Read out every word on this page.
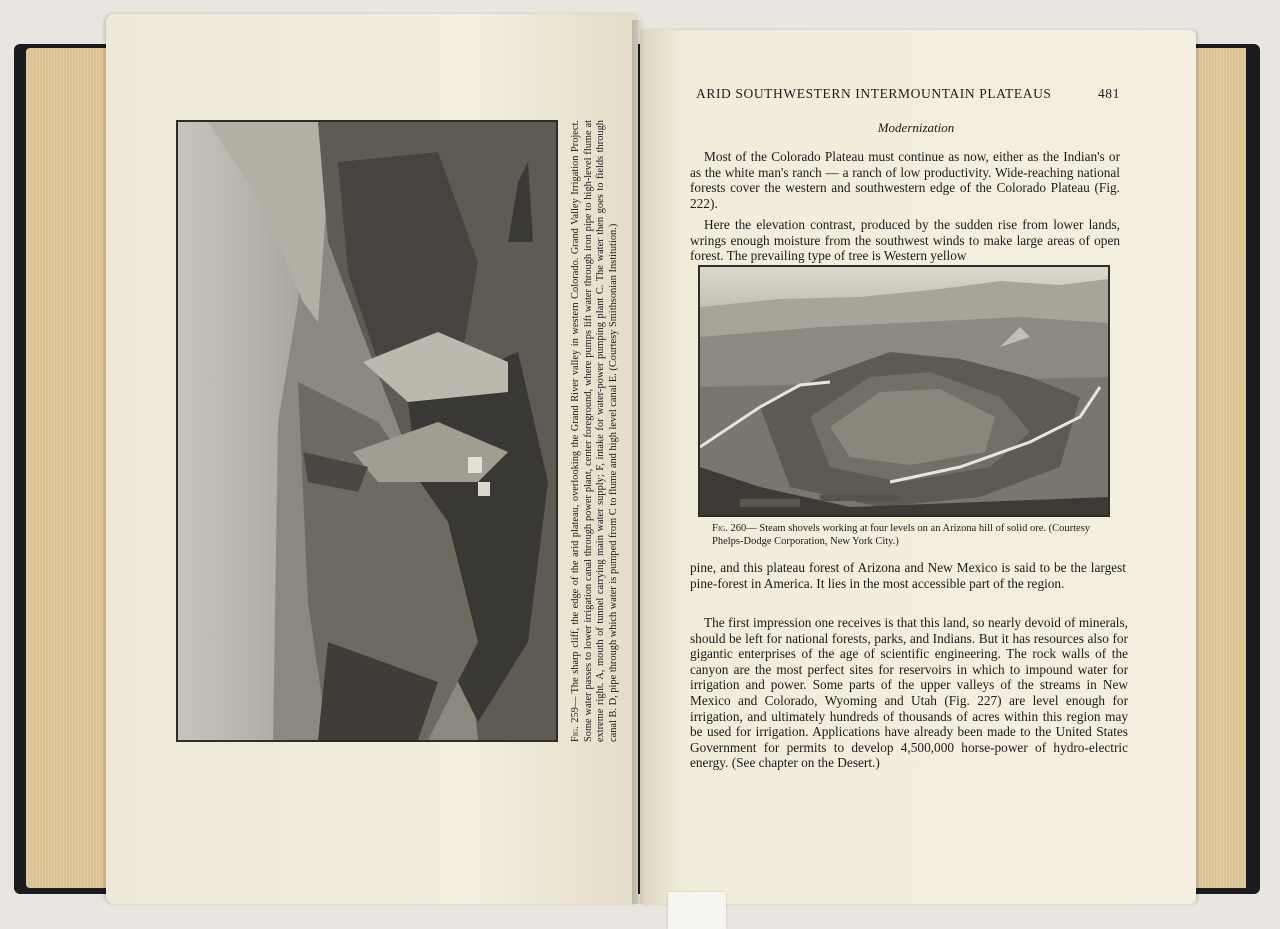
Fig. 259— The sharp cliff, the edge of the arid plateau, overlooking the Grand River valley in western Colorado. Grand Valley Irrigation Project. Some water passes to lower irrigation canal through power plant, center foreground, where pumps lift water through iron pipe to high-level flume at extreme right. A, mouth of tunnel carrying main water supply; F, intake for water-power pumping plant C. The water then goes to fields through canal B. D, pipe through which water is pumped from C to flume and high level canal E. (Courtesy Smithsonian Institution.)
ARID SOUTHWESTERN INTERMOUNTAIN PLATEAUS	481
Modernization

Most of the Colorado Plateau must continue as now, either as the Indian's or as the white man's ranch — a ranch of low productivity. Wide-reaching national forests cover the western and southwestern edge of the Colorado Plateau (Fig. 222).

Here the elevation contrast, produced by the sudden rise from lower lands, wrings enough moisture from the southwest winds to make large areas of open forest. The prevailing type of tree is Western yellow

Fig. 260— Steam shovels working at four levels on an Arizona hill of solid ore. (Courtesy Phelps-Dodge Corporation, New York City.)

pine, and this plateau forest of Arizona and New Mexico is said to be the largest pine-forest in America. It lies in the most accessible part of the region.

The first impression one receives is that this land, so nearly devoid of minerals, should be left for national forests, parks, and Indians. But it has resources also for gigantic enterprises of the age of scientific engineering. The rock walls of the canyon are the most perfect sites for reservoirs in which to impound water for irrigation and power. Some parts of the upper valleys of the streams in New Mexico and Colorado, Wyoming and Utah (Fig. 227) are level enough for irrigation, and ultimately hundreds of thousands of acres within this region may be used for irrigation. Applications have already been made to the United States Government for permits to develop 4,500,000 horse-power of hydro-electric energy. (See chapter on the Desert.)
